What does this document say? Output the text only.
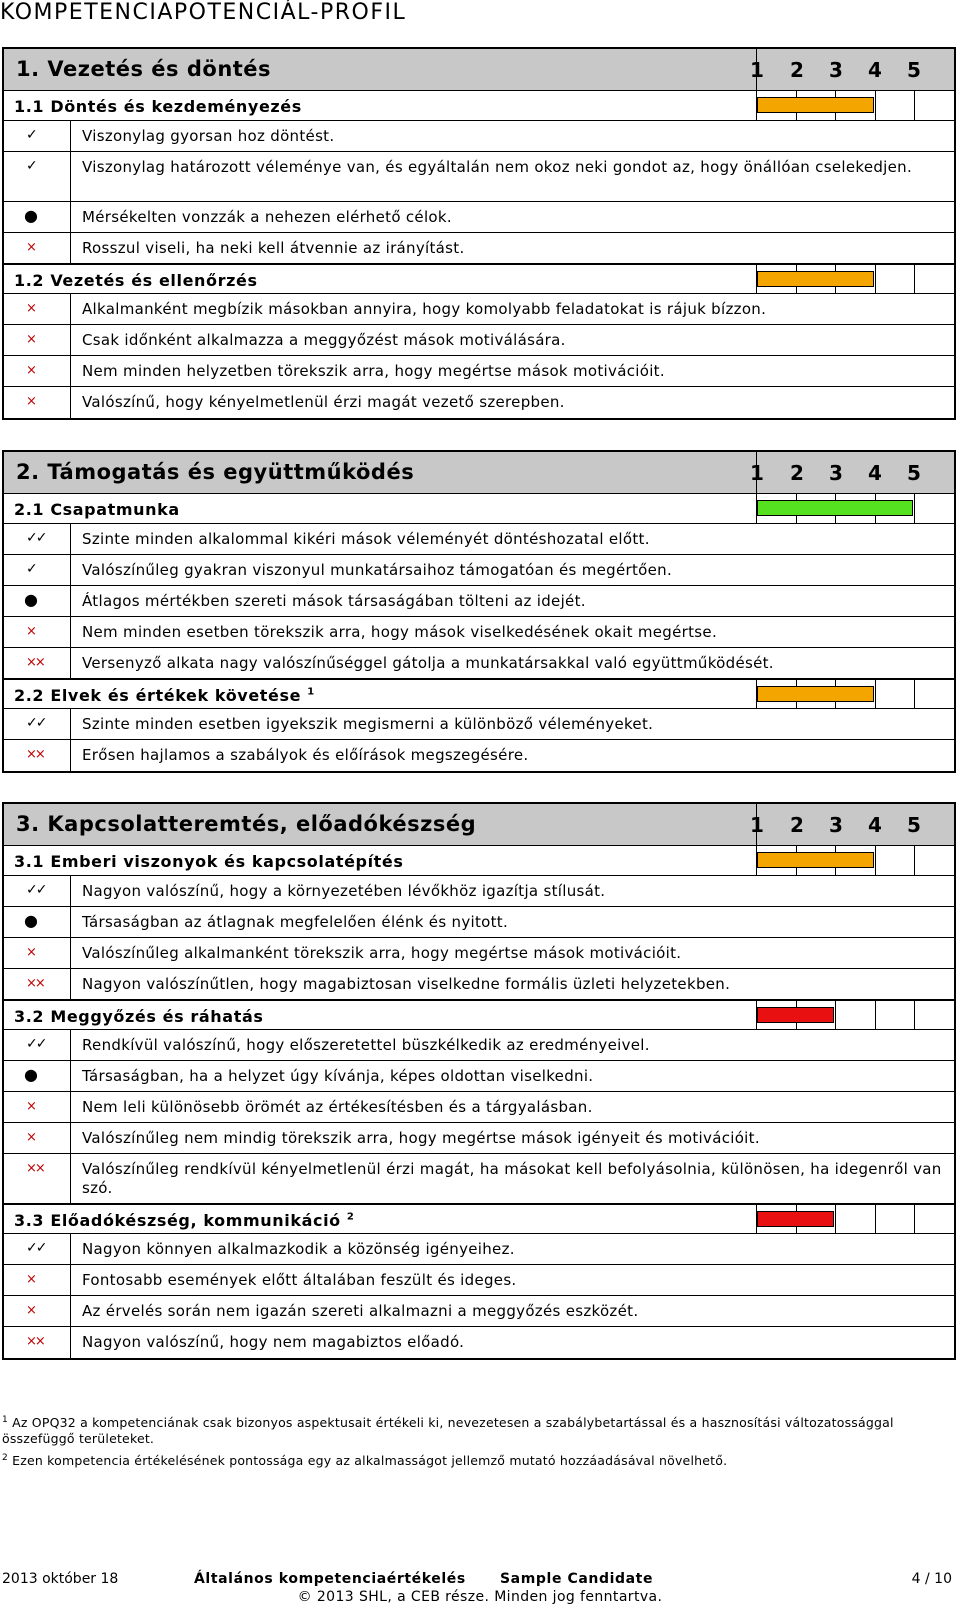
KOMPETENCIAPOTENCIÁL-PROFIL
1. Vezetés és döntés	1 2 3 4 5
1.1 Döntés és kezdeményezés
✓	Viszonylag gyorsan hoz döntést.
✓	Viszonylag határozott véleménye van, és egyáltalán nem okoz neki gondot az, hogy önállóan cselekedjen.
●	Mérsékelten vonzzák a nehezen elérhető célok.
×	Rosszul viseli, ha neki kell átvennie az irányítást.
1.2 Vezetés és ellenőrzés
×	Alkalmanként megbízik másokban annyira, hogy komolyabb feladatokat is rájuk bízzon.
×	Csak időnként alkalmazza a meggyőzést mások motiválására.
×	Nem minden helyzetben törekszik arra, hogy megértse mások motivációit.
×	Valószínű, hogy kényelmetlenül érzi magát vezető szerepben.
2. Támogatás és együttműködés	1 2 3 4 5
2.1 Csapatmunka
✓✓ Szinte minden alkalommal kikéri mások véleményét döntéshozatal előtt.
✓	Valószínűleg gyakran viszonyul munkatársaihoz támogatóan és megértően.
●	Átlagos mértékben szereti mások társaságában tölteni az idejét.
×	Nem minden esetben törekszik arra, hogy mások viselkedésének okait megértse.
××	Versenyző alkata nagy valószínűséggel gátolja a munkatársakkal való együttműködését.
2.2 Elvek és értékek követése $^1$
✓✓ Szinte minden esetben igyekszik megismerni a különböző véleményeket.
××	Erősen hajlamos a szabályok és előírások megszegésére.
3. Kapcsolatteremtés, előadókészség	1 2 3 4 5
3.1 Emberi viszonyok és kapcsolatépítés
✓✓ Nagyon valószínű, hogy a környezetében lévőkhöz igazítja stílusát.
●	Társaságban az átlagnak megfelelően élénk és nyitott.
×	Valószínűleg alkalmanként törekszik arra, hogy megértse mások motivációit.
××	Nagyon valószínűtlen, hogy magabiztosan viselkedne formális üzleti helyzetekben.
3.2 Meggyőzés és ráhatás
✓✓ Rendkívül valószínű, hogy előszeretettel büszkélkedik az eredményeivel.
●	Társaságban, ha a helyzet úgy kívánja, képes oldottan viselkedni.
×	Nem leli különösebb örömét az értékesítésben és a tárgyalásban.
×	Valószínűleg nem mindig törekszik arra, hogy megértse mások igényeit és motivációit.
××	Valószínűleg rendkívül kényelmetlenül érzi magát, ha másokat kell befolyásolnia, különösen, ha idegenről van szó.
3.3 Előadókészség, kommunikáció $^2$
✓✓ Nagyon könnyen alkalmazkodik a közönség igényeihez.
×	Fontosabb események előtt általában feszült és ideges.
×	Az érvelés során nem igazán szereti alkalmazni a meggyőzés eszközét.
××	Nagyon valószínű, hogy nem magabiztos előadó.
$^1$ Az OPQ32 a kompetenciának csak bizonyos aspektusait értékeli ki, nevezetesen a szabálybetartással és a hasznosítási változatossággal összefüggő területeket.
$^2$ Ezen kompetencia értékelésének pontossága egy az alkalmasságot jellemző mutató hozzáadásával növelhető.
2013 október 18	Általános kompetenciaértékelés Sample Candidate	4 / 10
© 2013 SHL, a CEB része. Minden jog fenntartva.
